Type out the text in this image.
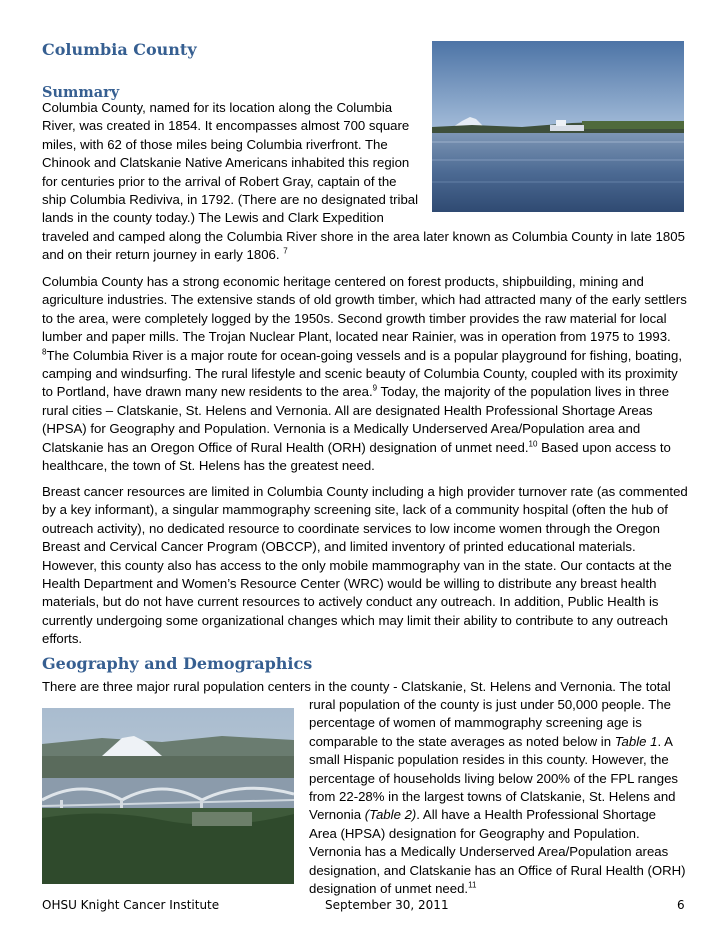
Columbia County
Summary
Columbia County, named for its location along the Columbia
River, was created in 1854. It encompasses almost 700 square
miles, with 62 of those miles being Columbia riverfront. The
Chinook and Clatskanie Native Americans inhabited this region
for centuries prior to the arrival of Robert Gray, captain of the
ship Columbia Rediviva, in 1792. (There are no designated tribal
lands in the county today.) The Lewis and Clark Expedition
traveled and camped along the Columbia River shore in the area later known as Columbia County in late 1805
and on their return journey in early 1806. $^7$
Columbia County has a strong economic heritage centered on forest products, shipbuilding, mining and
agriculture industries. The extensive stands of old growth timber, which had attracted many of the early settlers
to the area, were completely logged by the 1950s. Second growth timber provides the raw material for local
lumber and paper mills. The Trojan Nuclear Plant, located near Rainier, was in operation from 1975 to 1993.
$^8$The Columbia River is a major route for ocean-going vessels and is a popular playground for fishing, boating,
camping and windsurfing. The rural lifestyle and scenic beauty of Columbia County, coupled with its proximity
to Portland, have drawn many new residents to the area.$^9$ Today, the majority of the population lives in three
rural cities – Clatskanie, St. Helens and Vernonia. All are designated Health Professional Shortage Areas
(HPSA) for Geography and Population. Vernonia is a Medically Underserved Area/Population area and
Clatskanie has an Oregon Office of Rural Health (ORH) designation of unmet need.$^{10}$ Based upon access to
healthcare, the town of St. Helens has the greatest need.
Breast cancer resources are limited in Columbia County including a high provider turnover rate (as commented
by a key informant), a singular mammography screening site, lack of a community hospital (often the hub of
outreach activity), no dedicated resource to coordinate services to low income women through the Oregon
Breast and Cervical Cancer Program (OBCCP), and limited inventory of printed educational materials.
However, this county also has access to the only mobile mammography van in the state. Our contacts at the
Health Department and Women’s Resource Center (WRC) would be willing to distribute any breast health
materials, but do not have current resources to actively conduct any outreach. In addition, Public Health is
currently undergoing some organizational changes which may limit their ability to contribute to any outreach
efforts.
Geography and Demographics
There are three major rural population centers in the county - Clatskanie, St. Helens and Vernonia. The total
rural population of the county is just under 50,000 people. The
percentage of women of mammography screening age is
comparable to the state averages as noted below in Table 1. A
small Hispanic population resides in this county. However, the
percentage of households living below 200% of the FPL ranges
from 22-28% in the largest towns of Clatskanie, St. Helens and
Vernonia (Table 2). All have a Health Professional Shortage
Area (HPSA) designation for Geography and Population.
Vernonia has a Medically Underserved Area/Population areas
designation, and Clatskanie has an Office of Rural Health (ORH)
designation of unmet need.$^{11}$
OHSU Knight Cancer Institute	September 30, 2011	6
